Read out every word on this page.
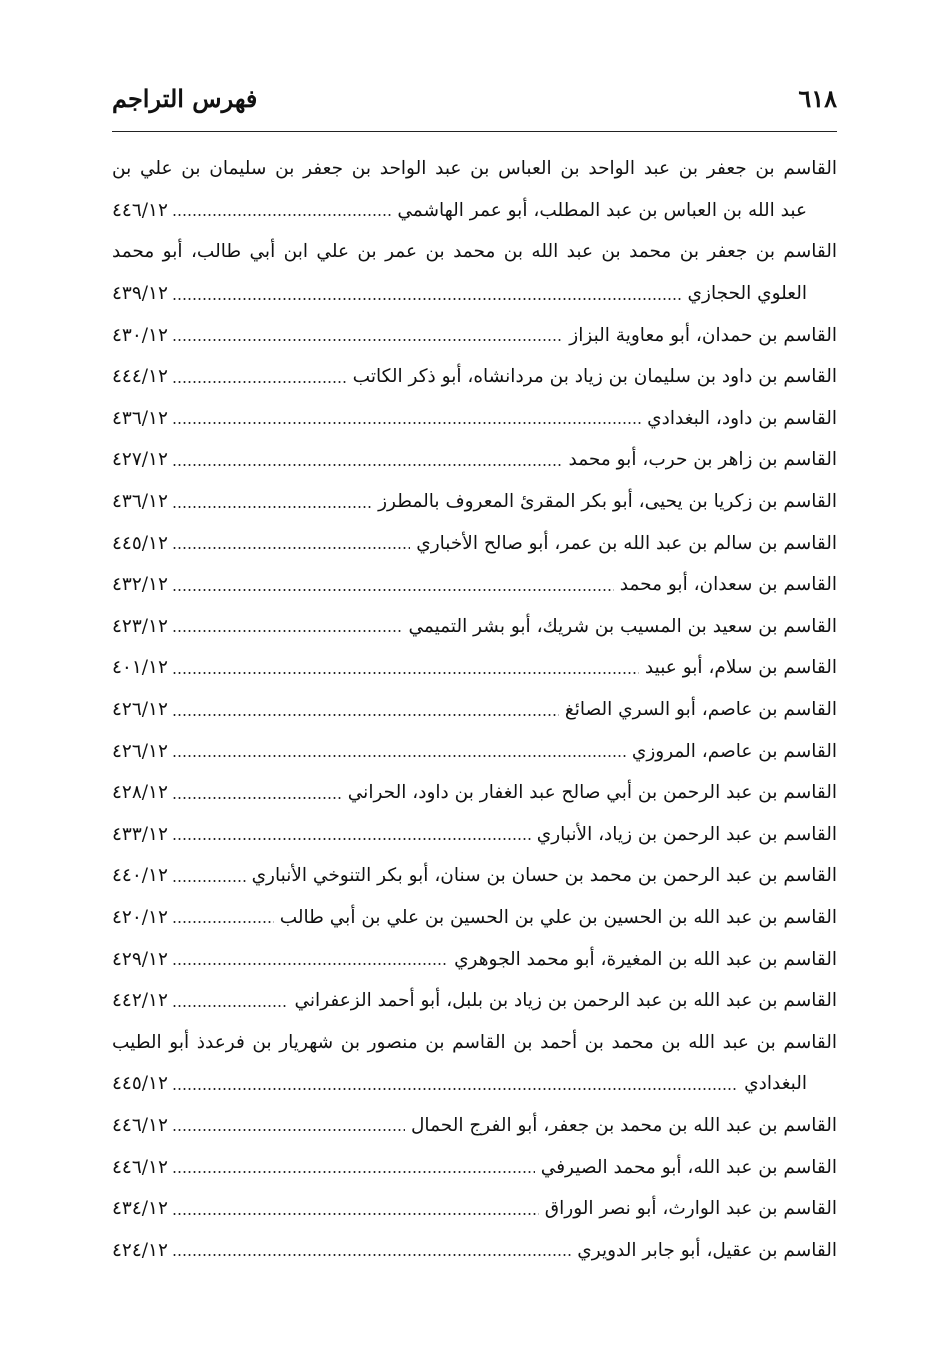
٦١٨
فهرس التراجم
القاسم بن جعفر بن عبد الواحد بن العباس بن عبد الواحد بن جعفر بن سليمان بن علي بن
عبد الله بن العباس بن عبد المطلب، أبو عمر الهاشمي
٤٤٦/١٢
القاسم بن جعفر بن محمد بن عبد الله بن محمد بن عمر بن علي ابن أبي طالب، أبو محمد
العلوي الحجازي
٤٣٩/١٢
القاسم بن حمدان، أبو معاوية البزاز
٤٣٠/١٢
القاسم بن داود بن سليمان بن زياد بن مردانشاه، أبو ذكر الكاتب
٤٤٤/١٢
القاسم بن داود، البغدادي
٤٣٦/١٢
القاسم بن زاهر بن حرب، أبو محمد
٤٢٧/١٢
القاسم بن زكريا بن يحيى، أبو بكر المقرئ المعروف بالمطرز
٤٣٦/١٢
القاسم بن سالم بن عبد الله بن عمر، أبو صالح الأخباري
٤٤٥/١٢
القاسم بن سعدان، أبو محمد
٤٣٢/١٢
القاسم بن سعيد بن المسيب بن شريك، أبو بشر التميمي
٤٢٣/١٢
القاسم بن سلام، أبو عبيد
٤٠١/١٢
القاسم بن عاصم، أبو السري الصائغ
٤٢٦/١٢
القاسم بن عاصم، المروزي
٤٢٦/١٢
القاسم بن عبد الرحمن بن أبي صالح عبد الغفار بن داود، الحراني
٤٢٨/١٢
القاسم بن عبد الرحمن بن زياد، الأنباري
٤٣٣/١٢
القاسم بن عبد الرحمن بن محمد بن حسان بن سنان، أبو بكر التنوخي الأنباري
٤٤٠/١٢
القاسم بن عبد الله بن الحسين بن علي بن الحسين بن علي بن أبي طالب
٤٢٠/١٢
القاسم بن عبد الله بن المغيرة، أبو محمد الجوهري
٤٢٩/١٢
القاسم بن عبد الله بن عبد الرحمن بن زياد بن بلبل، أبو أحمد الزعفراني
٤٤٢/١٢
القاسم بن عبد الله بن محمد بن أحمد بن القاسم بن منصور بن شهريار بن فرعدذ أبو الطيب
البغدادي
٤٤٥/١٢
القاسم بن عبد الله بن محمد بن جعفر، أبو الفرج الحمال
٤٤٦/١٢
القاسم بن عبد الله، أبو محمد الصيرفي
٤٤٦/١٢
القاسم بن عبد الوارث، أبو نصر الوراق
٤٣٤/١٢
القاسم بن عقيل، أبو جابر الدويري
٤٢٤/١٢
